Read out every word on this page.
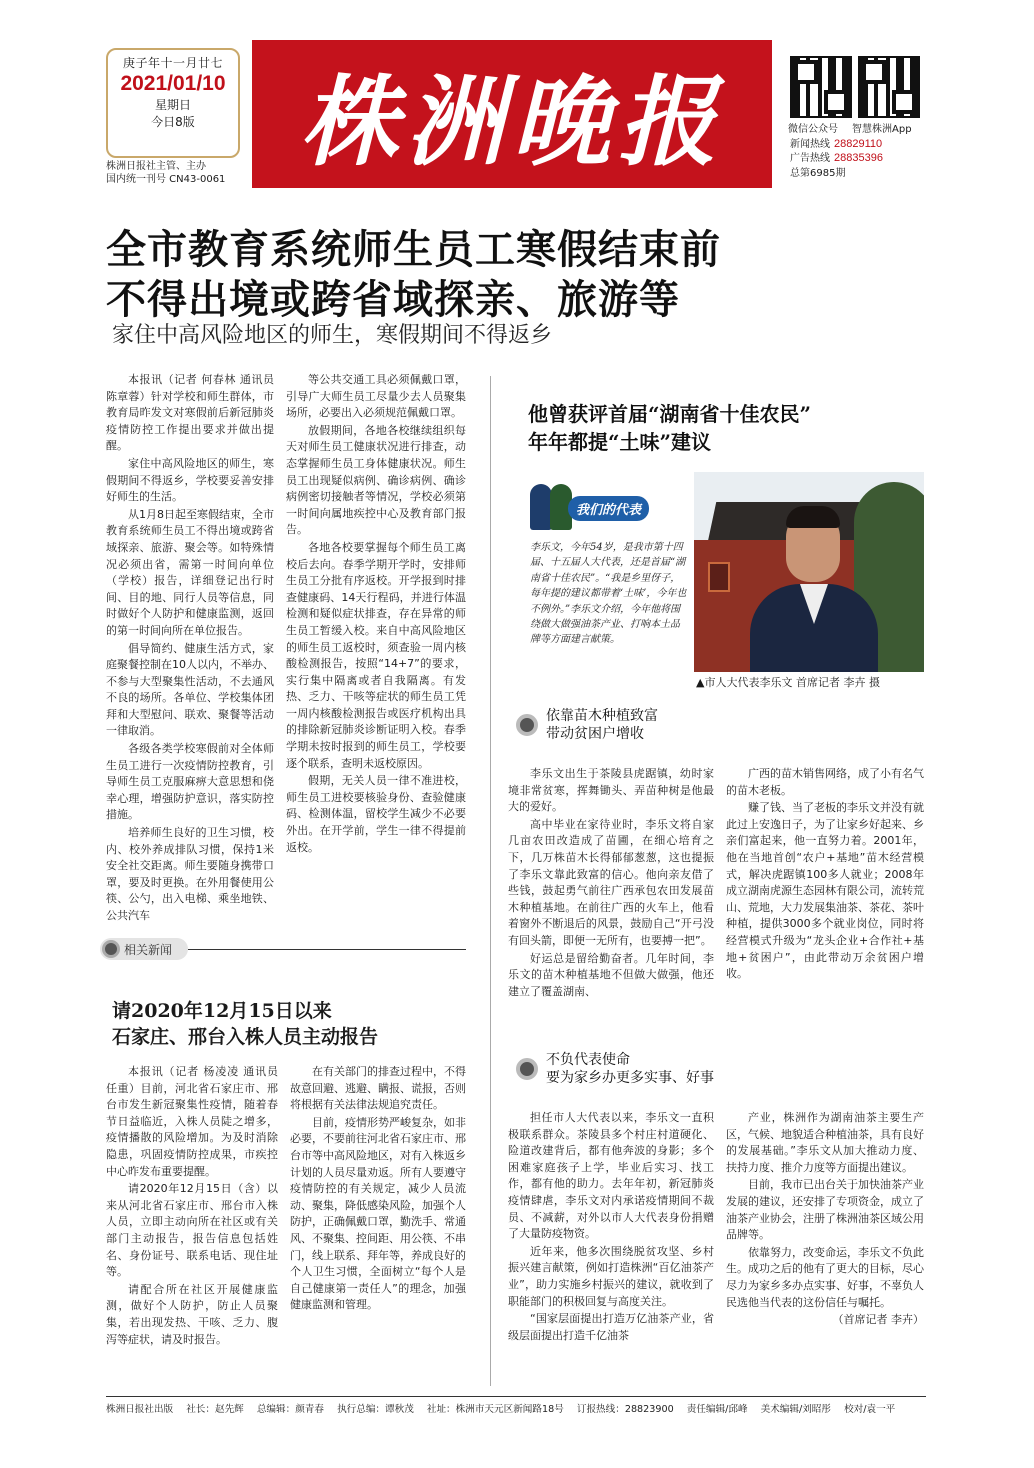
庚子年十一月廿七
2021/01/10
星期日
今日8版
株洲日报社主管、主办
国内统一刊号 CN43-0061 株洲晚报	微信公众号 智慧株洲App
新闻热线 28829110
广告热线 28835396
总第6985期
全市教育系统师生员工寒假结束前
不得出境或跨省域探亲、旅游等
家住中高风险地区的师生，寒假期间不得返乡

本报讯（记者 何春林 通讯员 陈章蓉）针对学校和师生群体，市教育局昨发文对寒假前后新冠肺炎疫情防控工作提出要求并做出提醒。

家住中高风险地区的师生，寒假期间不得返乡，学校要妥善安排好师生的生活。

从1月8日起至寒假结束，全市教育系统师生员工不得出境或跨省域探亲、旅游、聚会等。如特殊情况必须出省，需第一时间向单位（学校）报告，详细登记出行时间、目的地、同行人员等信息，同时做好个人防护和健康监测，返回的第一时间向所在单位报告。

倡导简约、健康生活方式，家庭聚餐控制在10人以内，不举办、不参与大型聚集性活动，不去通风不良的场所。各单位、学校集体团拜和大型慰问、联欢、聚餐等活动一律取消。

各级各类学校寒假前对全体师生员工进行一次疫情防控教育，引导师生员工克服麻痹大意思想和侥幸心理，增强防护意识，落实防控措施。

培养师生良好的卫生习惯，校内、校外养成排队习惯，保持1米安全社交距离。师生要随身携带口罩，要及时更换。在外用餐使用公筷、公勺，出入电梯、乘坐地铁、公共汽车

等公共交通工具必须佩戴口罩，引导广大师生员工尽量少去人员聚集场所，必要出入必须规范佩戴口罩。

放假期间，各地各校继续组织每天对师生员工健康状况进行排查，动态掌握师生员工身体健康状况。师生员工出现疑似病例、确诊病例、确诊病例密切接触者等情况，学校必须第一时间向属地疾控中心及教育部门报告。

各地各校要掌握每个师生员工离校后去向。春季学期开学时，安排师生员工分批有序返校。开学报到时排查健康码、14天行程码，并进行体温检测和疑似症状排查，存在异常的师生员工暂缓入校。来自中高风险地区的师生员工返校时，须查验一周内核酸检测报告，按照“14+7”的要求，实行集中隔离或者自我隔离。有发热、乏力、干咳等症状的师生员工凭一周内核酸检测报告或医疗机构出具的排除新冠肺炎诊断证明入校。春季学期未按时报到的师生员工，学校要逐个联系，查明未返校原因。

假期，无关人员一律不准进校，师生员工进校要核验身份、查验健康码、检测体温，留校学生减少不必要外出。在开学前，学生一律不得提前返校。

相关新闻
请2020年12月15日以来
石家庄、邢台入株人员主动报告

本报讯（记者 杨凌凌 通讯员 任重）目前，河北省石家庄市、邢台市发生新冠聚集性疫情，随着春节日益临近，入株人员陡之增多，疫情播散的风险增加。为及时消除隐患，巩固疫情防控成果，市疾控中心昨发布重要提醒。

请2020年12月15日（含）以来从河北省石家庄市、邢台市入株人员，立即主动向所在社区或有关部门主动报告，报告信息包括姓名、身份证号、联系电话、现住址等。

请配合所在社区开展健康监测，做好个人防护，防止人员聚集，若出现发热、干咳、乏力、腹泻等症状，请及时报告。

在有关部门的排查过程中，不得故意回避、逃避、瞒报、谎报，否则将根据有关法律法规追究责任。

目前，疫情形势严峻复杂，如非必要，不要前往河北省石家庄市、邢台市等中高风险地区，对有入株返乡计划的人员尽量劝返。所有人要遵守疫情防控的有关规定，减少人员流动、聚集，降低感染风险，加强个人防护，正确佩戴口罩，勤洗手、常通风、不聚集、控间距、用公筷、不串门，线上联系、拜年等，养成良好的个人卫生习惯，全面树立“每个人是自己健康第一责任人”的理念，加强健康监测和管理。

他曾获评首届“湖南省十佳农民”
年年都提“土味”建议
我们的代表
李乐文，今年54岁，是我市第十四届、十五届人大代表，还是首届“湖南省十佳农民”。“我是乡里伢子，每年提的建议都带着‘土味’，今年也不例外。”李乐文介绍，今年他将围绕做大做强油茶产业、打响本土品牌等方面建言献策。
▲市人大代表李乐文 首席记者 李卉 摄
依靠苗木种植致富
带动贫困户增收

李乐文出生于茶陵县虎踞镇，幼时家境非常贫寒，挥舞锄头、弄苗种树是他最大的爱好。

高中毕业在家待业时，李乐文将自家几亩农田改造成了苗圃，在细心培育之下，几万株苗木长得郁郁葱葱，这也提振了李乐文靠此致富的信心。他向亲友借了些钱，鼓起勇气前往广西承包农田发展苗木种植基地。在前往广西的火车上，他看着窗外不断退后的风景，鼓励自己“开弓没有回头箭，即便一无所有，也要搏一把”。

好运总是留给勤奋者。几年时间，李乐文的苗木种植基地不但做大做强，他还建立了覆盖湖南、

广西的苗木销售网络，成了小有名气的苗木老板。

赚了钱、当了老板的李乐文并没有就此过上安逸日子，为了让家乡好起来、乡亲们富起来，他一直努力着。2001年，他在当地首创“农户+基地”苗木经营模式，解决虎踞镇100多人就业；2008年成立湖南虎源生态园林有限公司，流转荒山、荒地，大力发展集油茶、茶花、茶叶种植，提供3000多个就业岗位，同时将经营模式升级为“龙头企业+合作社+基地+贫困户”，由此带动万余贫困户增收。

不负代表使命
要为家乡办更多实事、好事

担任市人大代表以来，李乐文一直积极联系群众。茶陵县多个村庄村道硬化、险道改建背后，都有他奔波的身影；多个困难家庭孩子上学，毕业后实习、找工作，都有他的助力。去年年初，新冠肺炎疫情肆虐，李乐文对内承诺疫情期间不裁员、不减薪，对外以市人大代表身份捐赠了大量防疫物资。

近年来，他多次围绕脱贫攻坚、乡村振兴建言献策，例如打造株洲“百亿油茶产业”，助力实施乡村振兴的建议，就收到了职能部门的积极回复与高度关注。

“国家层面提出打造万亿油茶产业，省级层面提出打造千亿油茶

产业，株洲作为湖南油茶主要生产区，气候、地貌适合种植油茶，具有良好的发展基础。”李乐文从加大推动力度、扶持力度、推介力度等方面提出建议。

目前，我市已出台关于加快油茶产业发展的建议，还安排了专项资金，成立了油茶产业协会，注册了株洲油茶区域公用品牌等。

依靠努力，改变命运，李乐文不负此生。成功之后的他有了更大的目标，尽心尽力为家乡多办点实事、好事，不辜负人民选他当代表的这份信任与嘱托。

（首席记者 李卉）

株洲日报社出版 社长：赵先辉 总编辑：颜青春 执行总编：谭秋茂 社址：株洲市天元区新闻路18号 订报热线：28823900 责任编辑/邱峰 美术编辑/刘昭彤 校对/袁一平
